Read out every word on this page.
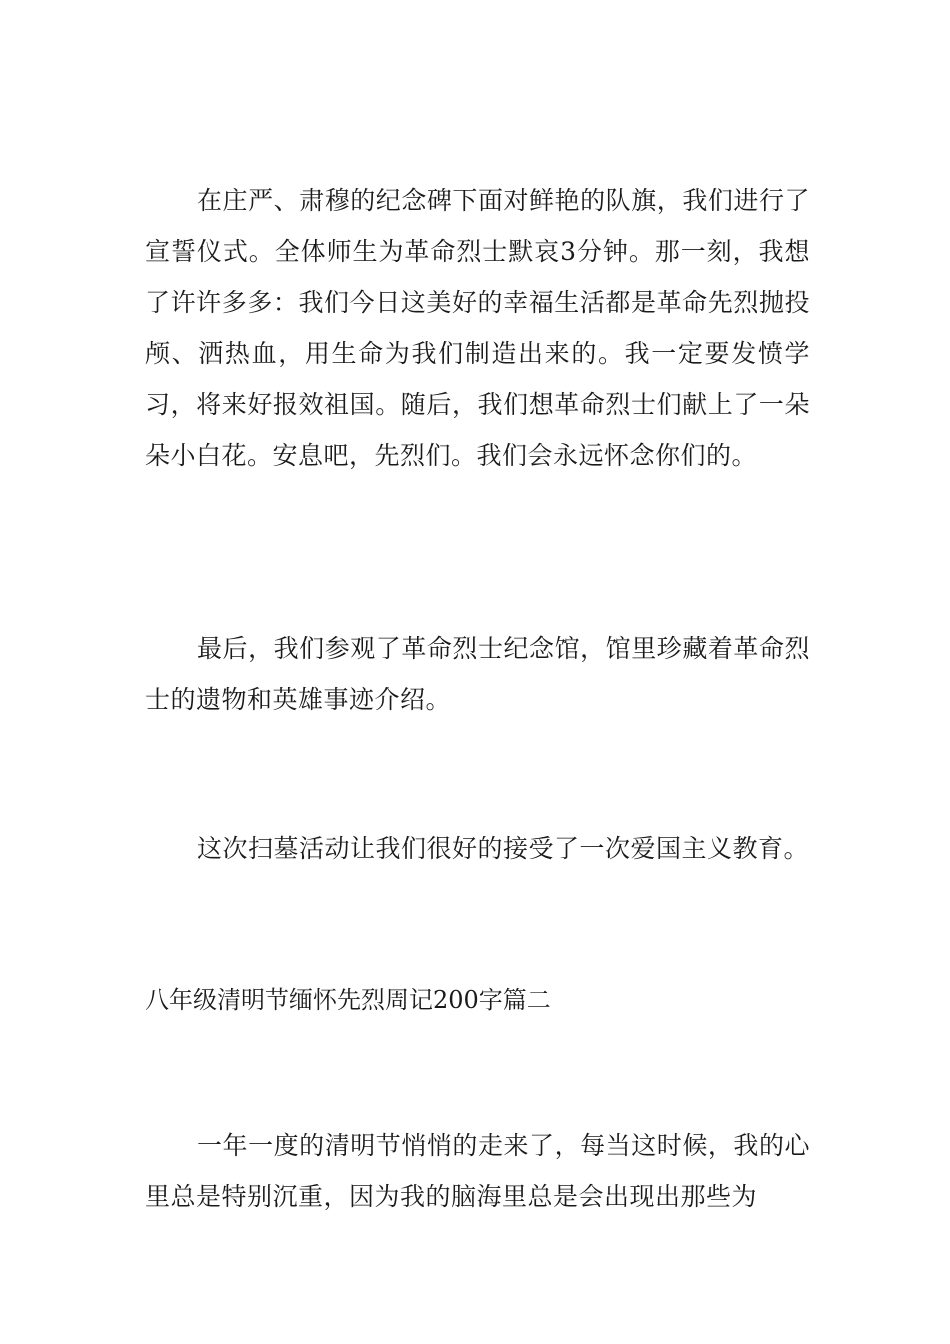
在庄严、肃穆的纪念碑下面对鲜艳的队旗，我们进行了宣誓仪式。全体师生为革命烈士默哀3分钟。那一刻，我想了许许多多：我们今日这美好的幸福生活都是革命先烈抛投颅、洒热血，用生命为我们制造出来的。我一定要发愤学习，将来好报效祖国。随后，我们想革命烈士们献上了一朵朵小白花。安息吧，先烈们。我们会永远怀念你们的。

最后，我们参观了革命烈士纪念馆，馆里珍藏着革命烈士的遗物和英雄事迹介绍。

这次扫墓活动让我们很好的接受了一次爱国主义教育。

八年级清明节缅怀先烈周记200字篇二

一年一度的清明节悄悄的走来了，每当这时候，我的心里总是特别沉重，因为我的脑海里总是会出现出那些为
